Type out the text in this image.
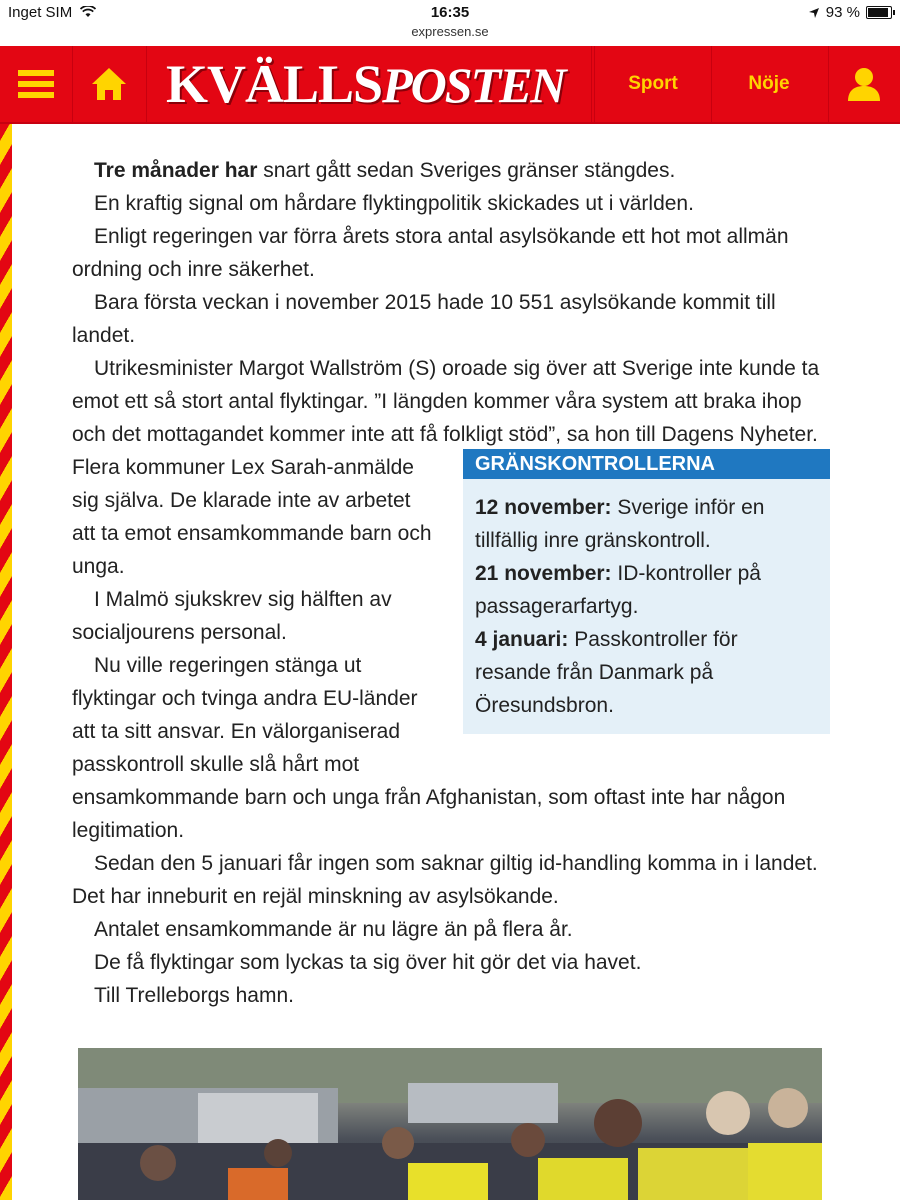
Inget SIM	16:35
expressen.se
93 %
KVÄLLSPOSTEN	Sport	Nöje

Tre månader har snart gått sedan Sveriges gränser stängdes.

En kraftig signal om hårdare flyktingpolitik skickades ut i världen.

Enligt regeringen var förra årets stora antal asylsökande ett hot mot allmän ordning och inre säkerhet.

Bara första veckan i november 2015 hade 10 551 asylsökande kommit till landet.

Utrikesminister Margot Wallström (S) oroade sig över att Sverige inte kunde ta emot ett så stort antal flyktingar. ”I längden kommer våra system att braka ihop och det mottagandet kommer inte att få folkligt stöd”, sa hon till Dagens Nyheter.

GRÄNSKONTROLLERNA

12 november: Sverige inför en tillfällig inre gränskontroll.

21 november: ID-kontroller på passagerarfartyg.

4 januari: Passkontroller för resande från Danmark på Öresundsbron.

Flera kommuner Lex Sarah-anmälde sig själva. De klarade inte av arbetet att ta emot ensamkommande barn och unga.

I Malmö sjukskrev sig hälften av socialjourens personal.

Nu ville regeringen stänga ut flyktingar och tvinga andra EU-länder att ta sitt ansvar. En välorganiserad passkontroll skulle slå hårt mot ensamkommande barn och unga från Afghanistan, som oftast inte har någon legitimation.

Sedan den 5 januari får ingen som saknar giltig id-handling komma in i landet. Det har inneburit en rejäl minskning av asylsökande.

Antalet ensamkommande är nu lägre än på flera år.

De få flyktingar som lyckas ta sig över hit gör det via havet.

Till Trelleborgs hamn.
